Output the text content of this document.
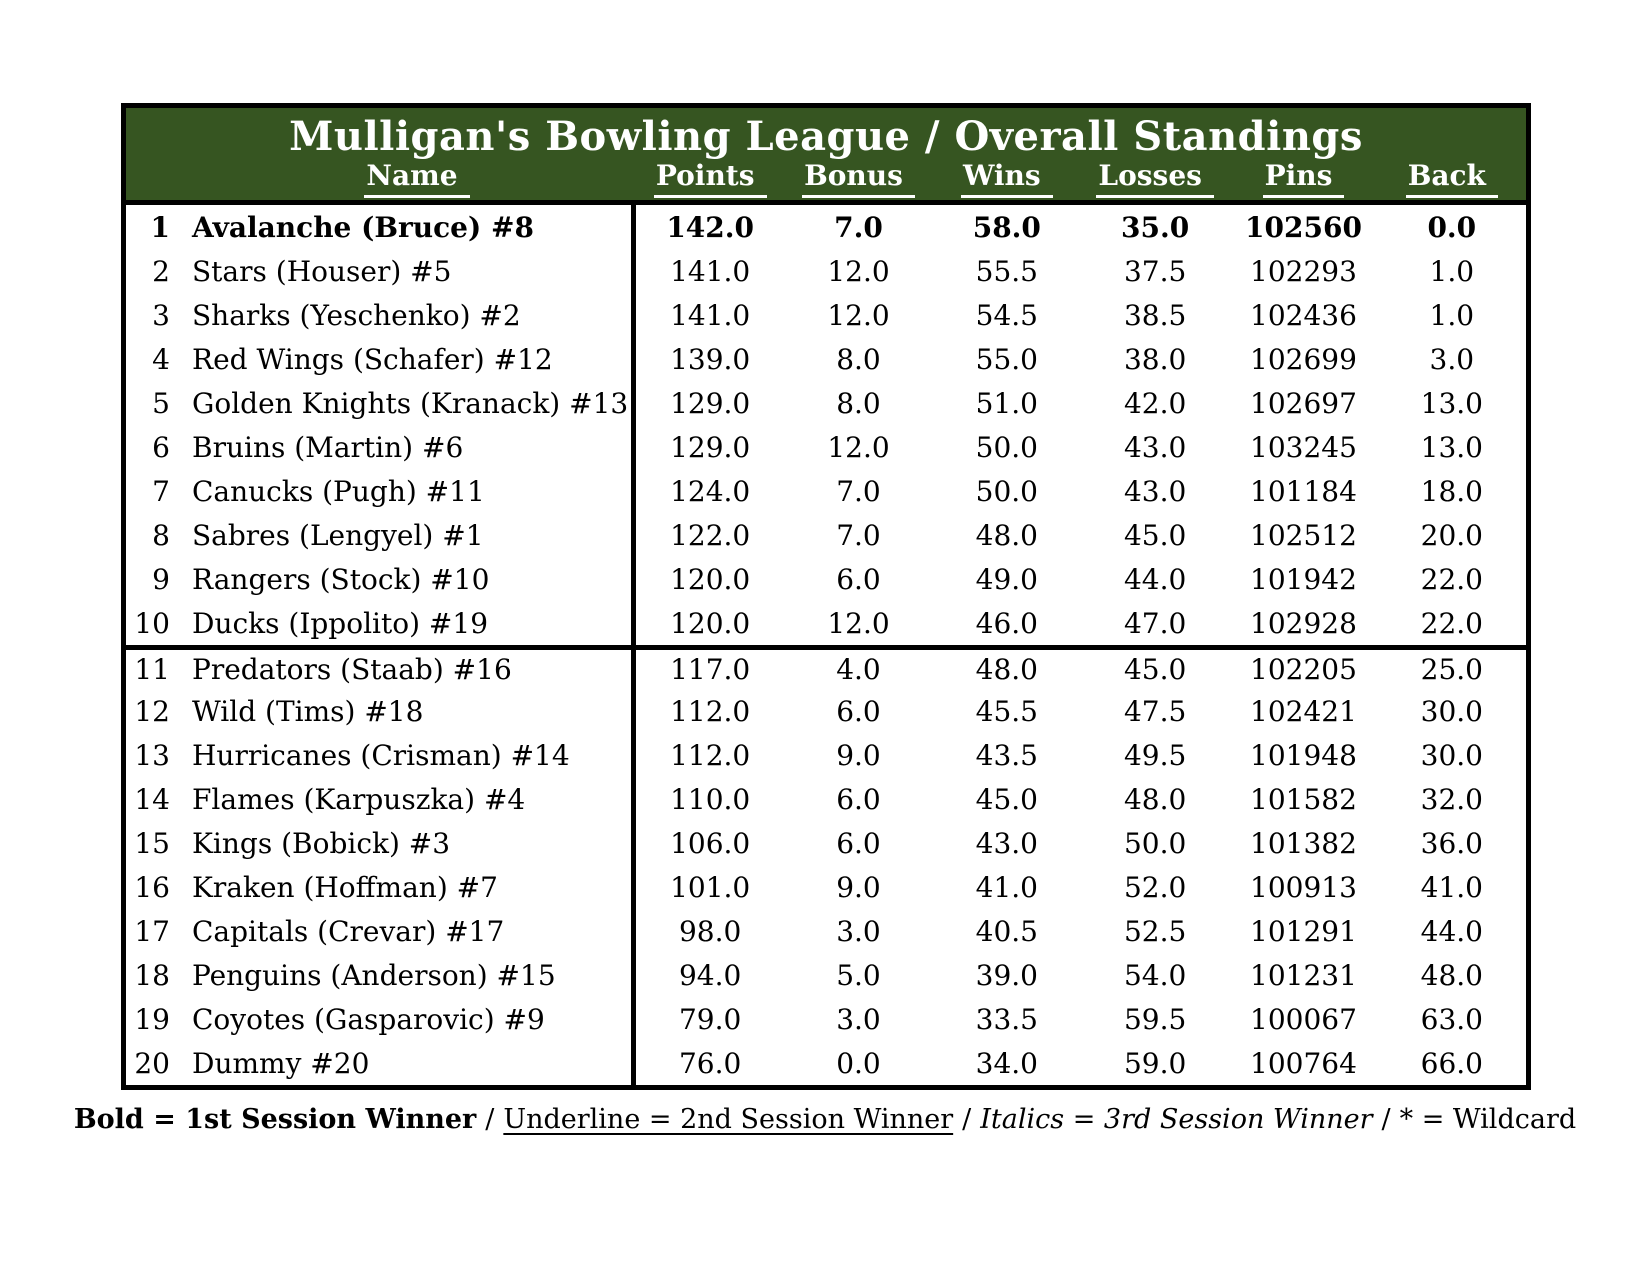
Mulligan's Bowling League / Overall Standings
Name	Points	Bonus	Wins	Losses	Pins	Back
1 Avalanche (Bruce) #8	142.0	7.0	58.0	35.0	102560	0.0
2 Stars (Houser) #5	141.0	12.0	55.5	37.5	102293	1.0
3 Sharks (Yeschenko) #2	141.0	12.0	54.5	38.5	102436	1.0
4 Red Wings (Schafer) #12	139.0	8.0	55.0	38.0	102699	3.0
5 Golden Knights (Kranack) #13	129.0	8.0	51.0	42.0	102697	13.0
6 Bruins (Martin) #6	129.0	12.0	50.0	43.0	103245	13.0
7 Canucks (Pugh) #11	124.0	7.0	50.0	43.0	101184	18.0
8 Sabres (Lengyel) #1	122.0	7.0	48.0	45.0	102512	20.0
9 Rangers (Stock) #10	120.0	6.0	49.0	44.0	101942	22.0
10 Ducks (Ippolito) #19	120.0	12.0	46.0	47.0	102928	22.0
11 Predators (Staab) #16	117.0	4.0	48.0	45.0	102205	25.0
12 Wild (Tims) #18	112.0	6.0	45.5	47.5	102421	30.0
13 Hurricanes (Crisman) #14	112.0	9.0	43.5	49.5	101948	30.0
14 Flames (Karpuszka) #4	110.0	6.0	45.0	48.0	101582	32.0
15 Kings (Bobick) #3	106.0	6.0	43.0	50.0	101382	36.0
16 Kraken (Hoffman) #7	101.0	9.0	41.0	52.0	100913	41.0
17 Capitals (Crevar) #17	98.0	3.0	40.5	52.5	101291	44.0
18 Penguins (Anderson) #15	94.0	5.0	39.0	54.0	101231	48.0
19 Coyotes (Gasparovic) #9	79.0	3.0	33.5	59.5	100067	63.0
20 Dummy #20	76.0	0.0	34.0	59.0	100764	66.0
Bold = 1st Session Winner / Underline = 2nd Session Winner / Italics = 3rd Session Winner / * = Wildcard
